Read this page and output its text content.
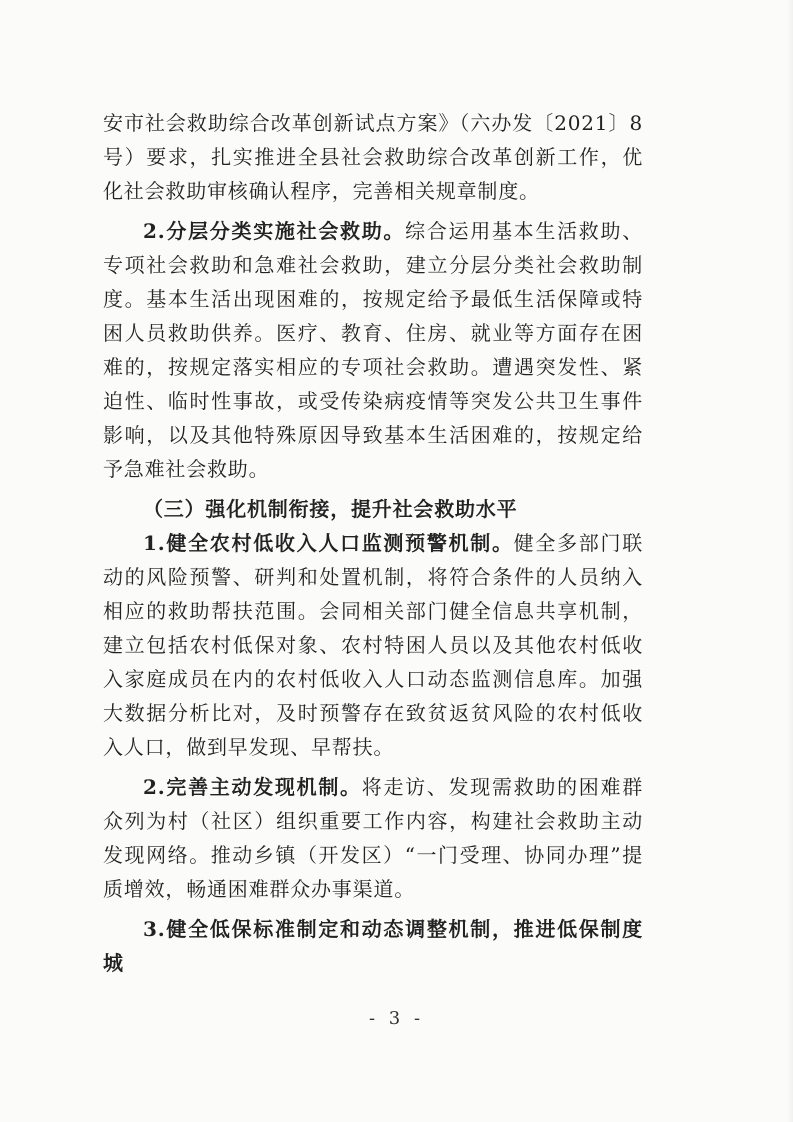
安市社会救助综合改革创新试点方案》（六办发〔2021〕8号）要求，扎实推进全县社会救助综合改革创新工作，优化社会救助审核确认程序，完善相关规章制度。

2.分层分类实施社会救助。综合运用基本生活救助、专项社会救助和急难社会救助，建立分层分类社会救助制度。基本生活出现困难的，按规定给予最低生活保障或特困人员救助供养。医疗、教育、住房、就业等方面存在困难的，按规定落实相应的专项社会救助。遭遇突发性、紧迫性、临时性事故，或受传染病疫情等突发公共卫生事件影响，以及其他特殊原因导致基本生活困难的，按规定给予急难社会救助。

（三）强化机制衔接，提升社会救助水平

1.健全农村低收入人口监测预警机制。健全多部门联动的风险预警、研判和处置机制，将符合条件的人员纳入相应的救助帮扶范围。会同相关部门健全信息共享机制，建立包括农村低保对象、农村特困人员以及其他农村低收入家庭成员在内的农村低收入人口动态监测信息库。加强大数据分析比对，及时预警存在致贫返贫风险的农村低收入人口，做到早发现、早帮扶。

2.完善主动发现机制。将走访、发现需救助的困难群众列为村（社区）组织重要工作内容，构建社会救助主动发现网络。推动乡镇（开发区）“一门受理、协同办理”提质增效，畅通困难群众办事渠道。

3.健全低保标准制定和动态调整机制，推进低保制度城

- 3 -
